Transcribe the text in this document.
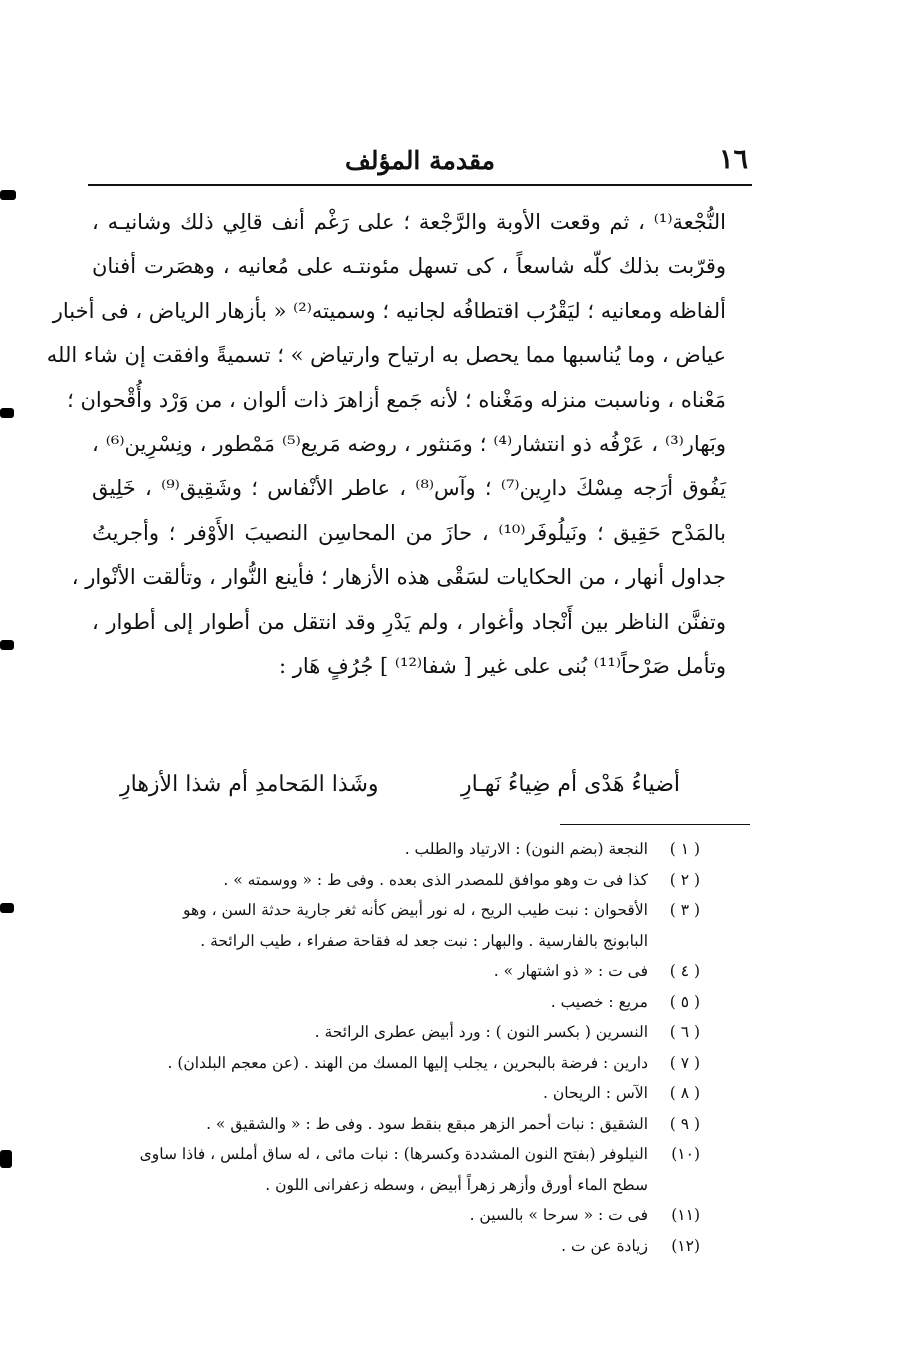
١٦
مقدمة المؤلف
النُّجْعة⁽¹⁾ ، ثم وقعت الأوبة والرَّجْعة ؛ على رَغْم أنف قالِي ذلك وشانيـه ،
وقرّبت بذلك كلّه شاسعاً ، كى تسهل مئونتـه على مُعانيه ، وهصَرت أفنان
ألفاظه ومعانيه ؛ ليَقْرُب اقتطافُه لجانيه ؛ وسميته⁽²⁾ « بأزهار الرياض ، فى أخبار
عياض ، وما يُناسبها مما يحصل به ارتياح وارتياض » ؛ تسميةً وافقت إن شاء الله
مَعْناه ، وناسبت منزله ومَغْناه ؛ لأنه جَمع أزاهرَ ذات ألوان ، من وَرْد وأُقْحوان ؛
وبَهار⁽³⁾ ، عَرْفُه ذو انتشار⁽⁴⁾ ؛ ومَنثور ، روضه مَريع⁽⁵⁾ مَمْطور ، ونِسْرِين⁽⁶⁾ ،
يَفُوق أرَجه مِسْكَ دارِين⁽⁷⁾ ؛ وآس⁽⁸⁾ ، عاطر الأنْفاس ؛ وشَقِيق⁽⁹⁾ ، خَلِيق
بالمَدْح حَقِيق ؛ ونَيلُوفَر⁽¹⁰⁾ ، حازَ من المحاسِن النصيبَ الأَوْفر ؛ وأجريتُ
جداول أنهار ، من الحكايات لسَقْى هذه الأزهار ؛ فأينع النُّوار ، وتألقت الأنْوار ،
وتفنَّن الناظر بين أَنْجاد وأغوار ، ولم يَدْرِ وقد انتقل من أطوار إلى أطوار ،
وتأمل صَرْحاً⁽¹¹⁾ بُنى على غير [ شفا⁽¹²⁾ ] جُرُفٍ هَار :
أضياءُ هَدْى أم ضِياءُ نَهـارِ
وشَذا المَحامدِ أم شذا الأزهارِ
( ١ )النجعة (بضم النون) : الارتياد والطلب .
( ٢ )كذا فى ت وهو موافق للمصدر الذى بعده . وفى ط : « ووسمته » .
( ٣ )الأقحوان : نبت طيب الريح ، له نور أبيض كأنه ثغر جارية حدثة السن ، وهو
البابونج بالفارسية . والبهار : نبت جعد له فقاحة صفراء ، طيب الرائحة .
( ٤ )فى ت : « ذو اشتهار » .
( ٥ )مريع : خصيب .
( ٦ )النسرين ( بكسر النون ) : ورد أبيض عطرى الرائحة .
( ٧ )دارين : فرضة بالبحرين ، يجلب إليها المسك من الهند . (عن معجم البلدان) .
( ٨ )الآس : الريحان .
( ٩ )الشقيق : نبات أحمر الزهر مبقع بنقط سود . وفى ط : « والشقيق » .
(١٠)النيلوفر (بفتح النون المشددة وكسرها) : نبات مائى ، له ساق أملس ، فاذا ساوى
سطح الماء أورق وأزهر زهراً أبيض ، وسطه زعفرانى اللون .
(١١)فى ت : « سرحا » بالسين .
(١٢)زيادة عن ت .
